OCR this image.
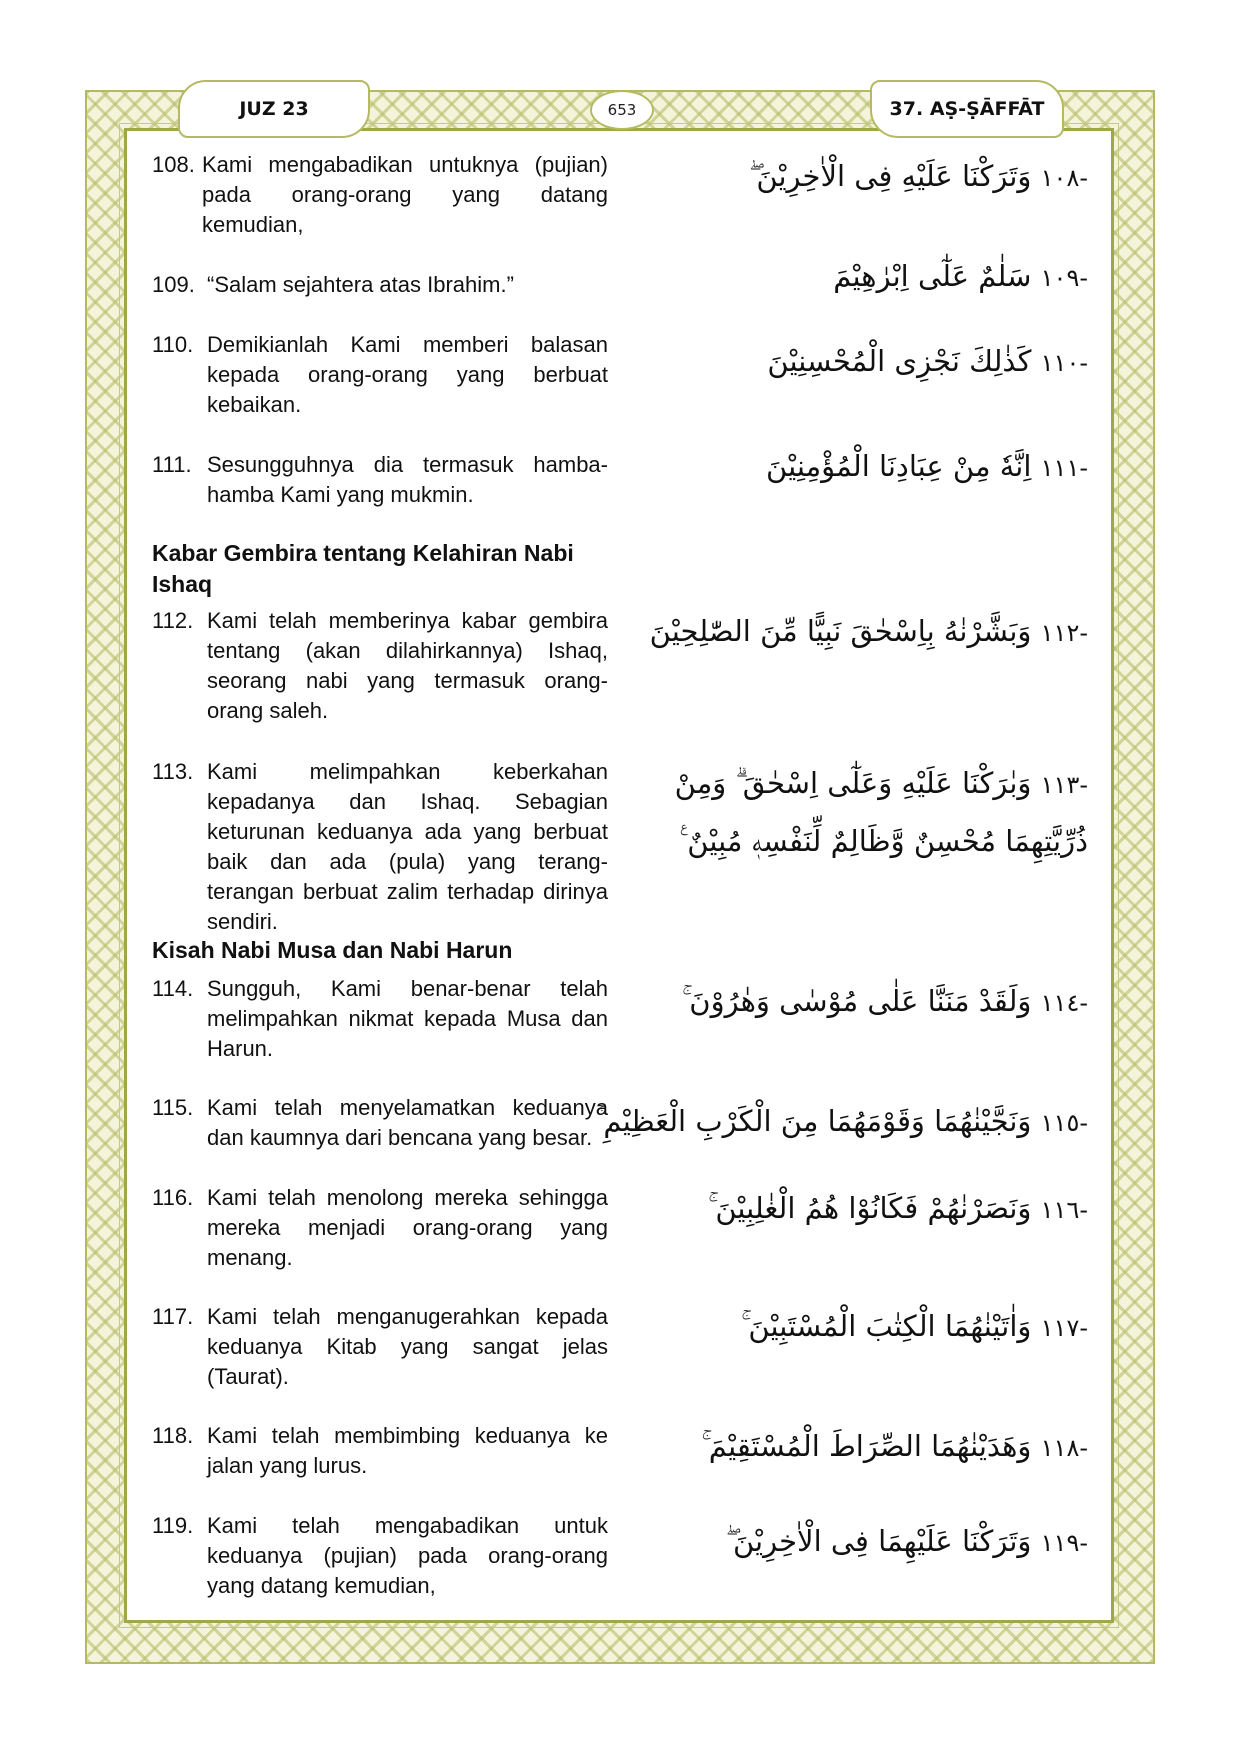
JUZ 23	653	37. AṢ-ṢĀFFĀT
108. Kami mengabadikan untuknya (pujian) pada orang-orang yang datang kemudian,
-١٠٨ وَتَرَكْنَا عَلَيْهِ فِى الْاٰخِرِيْنَ ۖ
109. “Salam sejahtera atas Ibrahim.”	-١٠٩ سَلٰمٌ عَلٰٓى اِبْرٰهِيْمَ
110. Demikianlah Kami memberi balasan kepada orang-orang yang berbuat kebaikan.
-١١٠ كَذٰلِكَ نَجْزِى الْمُحْسِنِيْنَ
111. Sesungguhnya dia termasuk hamba-hamba Kami yang mukmin.
-١١١ اِنَّهٗ مِنْ عِبَادِنَا الْمُؤْمِنِيْنَ
Kabar Gembira tentang Kelahiran Nabi Ishaq
112. Kami telah memberinya kabar gembira tentang (akan dilahirkannya) Ishaq, seorang nabi yang termasuk orang-orang saleh.
-١١٢ وَبَشَّرْنٰهُ بِاِسْحٰقَ نَبِيًّا مِّنَ الصّٰلِحِيْنَ
113. Kami melimpahkan keberkahan kepadanya dan Ishaq. Sebagian keturunan keduanya ada yang berbuat baik dan ada (pula) yang terang-terangan berbuat zalim terhadap dirinya sendiri.
-١١٣ وَبٰرَكْنَا عَلَيْهِ وَعَلٰٓى اِسْحٰقَ ۗ وَمِنْ ذُرِّيَّتِهِمَا مُحْسِنٌ وَّظَالِمٌ لِّنَفْسِهٖ مُبِيْنٌ ࣖ
Kisah Nabi Musa dan Nabi Harun
114. Sungguh, Kami benar-benar telah melimpahkan nikmat kepada Musa dan Harun.
-١١٤ وَلَقَدْ مَنَنَّا عَلٰى مُوْسٰى وَهٰرُوْنَ ۚ
115. Kami telah menyelamatkan keduanya dan kaumnya dari bencana yang besar.
-١١٥ وَنَجَّيْنٰهُمَا وَقَوْمَهُمَا مِنَ الْكَرْبِ الْعَظِيْمِ ۚ
116. Kami telah menolong mereka sehingga mereka menjadi orang-orang yang menang.
-١١٦ وَنَصَرْنٰهُمْ فَكَانُوْا هُمُ الْغٰلِبِيْنَ ۚ
117. Kami telah menganugerahkan kepada keduanya Kitab yang sangat jelas (Taurat).
-١١٧ وَاٰتَيْنٰهُمَا الْكِتٰبَ الْمُسْتَبِيْنَ ۚ
118. Kami telah membimbing keduanya ke jalan yang lurus.
-١١٨ وَهَدَيْنٰهُمَا الصِّرَاطَ الْمُسْتَقِيْمَ ۚ
119. Kami telah mengabadikan untuk keduanya (pujian) pada orang-orang yang datang kemudian,
-١١٩ وَتَرَكْنَا عَلَيْهِمَا فِى الْاٰخِرِيْنَ ۖ
